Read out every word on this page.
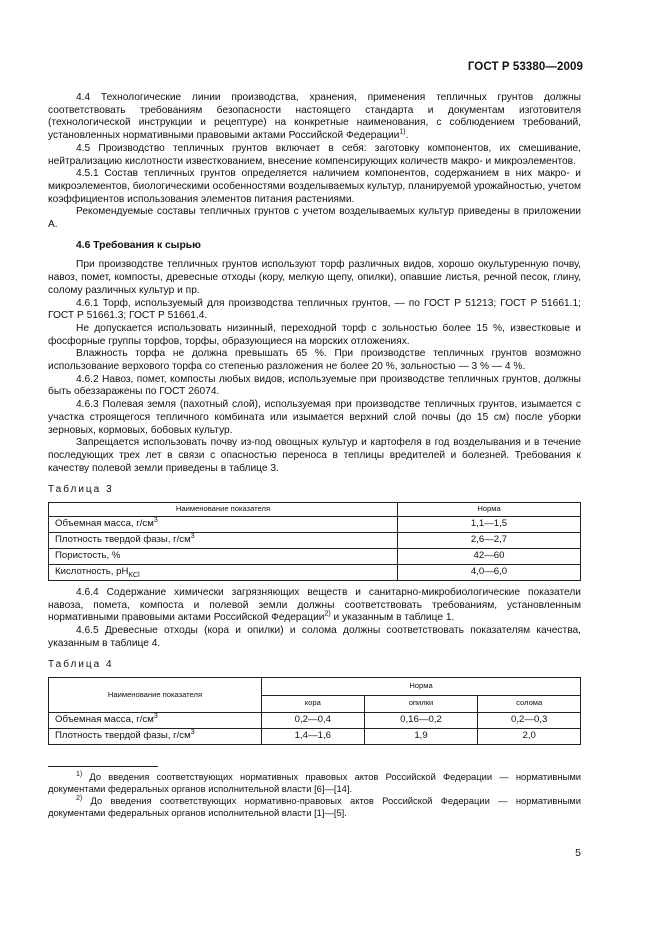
ГОСТ Р 53380—2009

4.4 Технологические линии производства, хранения, применения тепличных грунтов должны соответствовать требованиям безопасности настоящего стандарта и документам изготовителя (технологической инструкции и рецептуре) на конкретные наименования, с соблюдением требований, установленных нормативными правовыми актами Российской Федерации$^{1)}$.

4.5 Производство тепличных грунтов включает в себя: заготовку компонентов, их смешивание, нейтрализацию кислотности известкованием, внесение компенсирующих количеств макро- и микроэлементов.

4.5.1 Состав тепличных грунтов определяется наличием компонентов, содержанием в них макро- и микроэлементов, биологическими особенностями возделываемых культур, планируемой урожайностью, учетом коэффициентов использования элементов питания растениями.

Рекомендуемые составы тепличных грунтов с учетом возделываемых культур приведены в приложении А.

4.6 Требования к сырью

При производстве тепличных грунтов используют торф различных видов, хорошо окультуренную почву, навоз, помет, компосты, древесные отходы (кору, мелкую щепу, опилки), опавшие листья, речной песок, глину, солому различных культур и пр.

4.6.1 Торф, используемый для производства тепличных грунтов, — по ГОСТ Р 51213; ГОСТ Р 51661.1; ГОСТ Р 51661.3; ГОСТ Р 51661.4.

Не допускается использовать низинный, переходной торф с зольностью более 15 %, известковые и фосфорные группы торфов, торфы, образующиеся на морских отложениях.

Влажность торфа не должна превышать 65 %. При производстве тепличных грунтов возможно использование верхового торфа со степенью разложения не более 20 %, зольностью — 3 % — 4 %.

4.6.2 Навоз, помет, компосты любых видов, используемые при производстве тепличных грунтов, должны быть обеззаражены по ГОСТ 26074.

4.6.3 Полевая земля (пахотный слой), используемая при производстве тепличных грунтов, изымается с участка строящегося тепличного комбината или изымается верхний слой почвы (до 15 см) после уборки зерновых, кормовых, бобовых культур.

Запрещается использовать почву из-под овощных культур и картофеля в год возделывания и в течение последующих трех лет в связи с опасностью переноса в теплицы вредителей и болезней. Требования к качеству полевой земли приведены в таблице 3.

Таблица 3
Наименование показателя	Норма
Объемная масса, $г/см^3$	1,1—1,5
Плотность твердой фазы, $г/см^3$	2,6—2,7
Пористость, %	42—60
Кислотность, $pH_{KCl}$	4,0—6,0

4.6.4 Содержание химически загрязняющих веществ и санитарно-микробиологические показатели навоза, помета, компоста и полевой земли должны соответствовать требованиям, установленным нормативными правовыми актами Российской Федерации$^{2)}$ и указанным в таблице 1.

4.6.5 Древесные отходы (кора и опилки) и солома должны соответствовать показателям качества, указанным в таблице 4.

Таблица 4
Наименование показателя	Норма		
	кора	опилки	солома
Объемная масса, $г/см^3$	0,2—0,4	0,16—0,2	0,2—0,3
Плотность твердой фазы, $г/см^3$	1,4—1,6	1,9	2,0

$^{1)}$ До введения соответствующих нормативных правовых актов Российской Федерации — нормативными документами федеральных органов исполнительной власти [6]—[14].

$^{2)}$ До введения соответствующих нормативно-правовых актов Российской Федерации — нормативными документами федеральных органов исполнительной власти [1]—[5].

5
